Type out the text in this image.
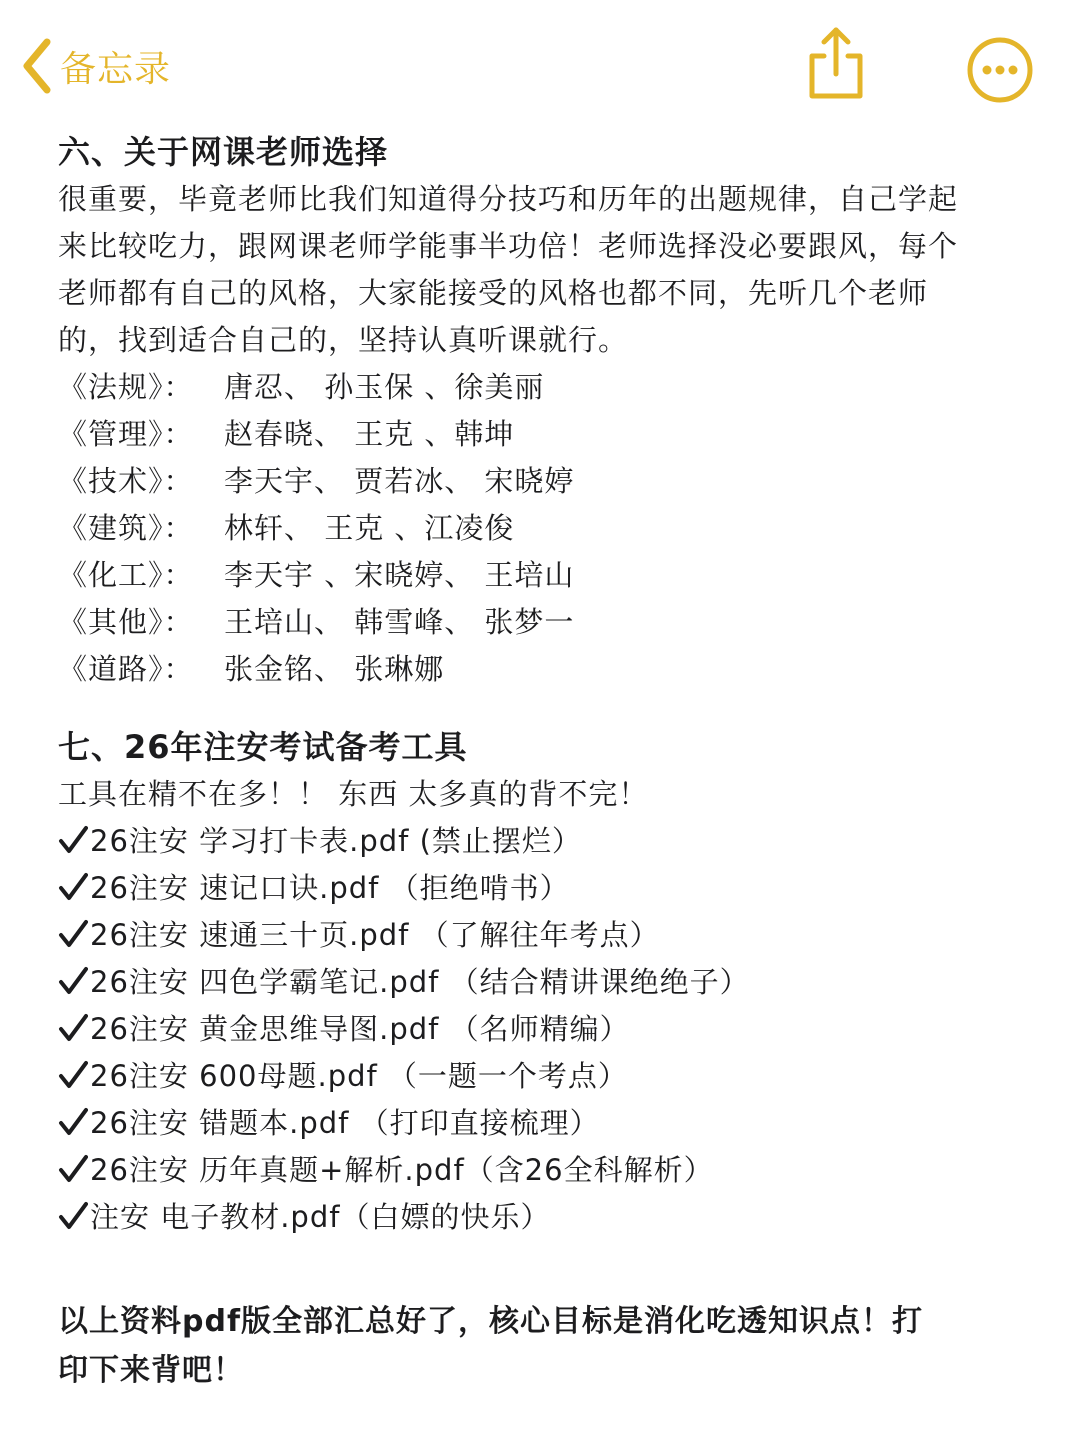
备忘录
六、关于网课老师选择

很重要，毕竟老师比我们知道得分技巧和历年的出题规律，自己学起

来比较吃力，跟网课老师学能事半功倍！老师选择没必要跟风，每个

老师都有自己的风格，大家能接受的风格也都不同，先听几个老师

的，找到适合自己的，坚持认真听课就行。

《法规》： 唐忍、 孙玉保 、徐美丽
《管理》： 赵春晓、 王克 、韩坤
《技术》： 李天宇、 贾若冰、 宋晓婷
《建筑》： 林轩、 王克 、江凌俊
《化工》： 李天宇 、宋晓婷、 王培山
《其他》： 王培山、 韩雪峰、 张梦一
《道路》： 张金铭、 张琳娜
七、26年注安考试备考工具

工具在精不在多！！ 东西 太多真的背不完！

26注安 学习打卡表.pdf (禁止摆烂）
26注安 速记口诀.pdf （拒绝啃书）
26注安 速通三十页.pdf （了解往年考点）
26注安 四色学霸笔记.pdf （结合精讲课绝绝子）
26注安 黄金思维导图.pdf （名师精编）
26注安 600母题.pdf （一题一个考点）
26注安 错题本.pdf （打印直接梳理）
26注安 历年真题+解析.pdf（含26全科解析）
注安 电子教材.pdf（白嫖的快乐）

以上资料pdf版全部汇总好了，核心目标是消化吃透知识点！打

印下来背吧！
